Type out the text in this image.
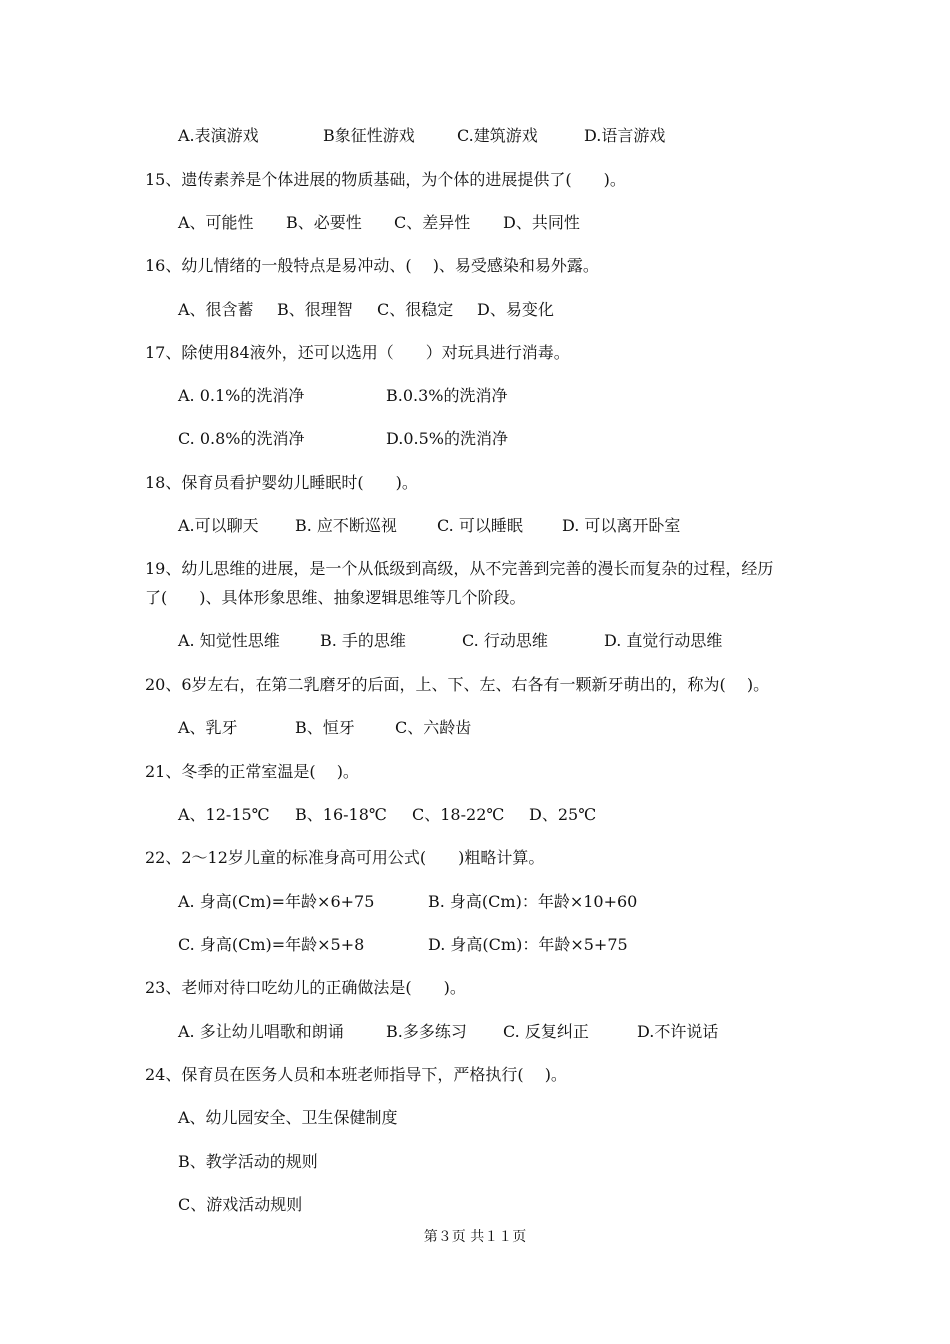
A.表演游戏	B象征性游戏	C.建筑游戏	D.语言游戏
15、遗传素养是个体进展的物质基础，为个体的进展提供了(　　)。
A、可能性 B、必要性 C、差异性 D、共同性
16、幼儿情绪的一般特点是易冲动、(　 )、易受感染和易外露。
A、很含蓄 B、很理智 C、很稳定 D、易变化
17、除使用84液外，还可以选用（　　）对玩具进行消毒。
A. 0.1%的洗消净	B.0.3%的洗消净
C. 0.8%的洗消净	D.0.5%的洗消净
18、保育员看护婴幼儿睡眠时(　　)。
A.可以聊天 B. 应不断巡视	C. 可以睡眠 D. 可以离开卧室
19、幼儿思维的进展，是一个从低级到高级，从不完善到完善的漫长而复杂的过程，经历
了(　　)、具体形象思维、抽象逻辑思维等几个阶段。
A. 知觉性思维	B. 手的思维	C. 行动思维	D. 直觉行动思维
20、6岁左右，在第二乳磨牙的后面，上、下、左、右各有一颗新牙萌出的，称为(　 )。
A、乳牙	B、恒牙	C、六龄齿
21、冬季的正常室温是(　 )。
A、12-15℃ B、16-18℃ C、18-22℃ D、25℃
22、2～12岁儿童的标准身高可用公式(　　)粗略计算。
A. 身高(Cm)=年龄×6+75	B. 身高(Cm)：年龄×10+60
C. 身高(Cm)=年龄×5+8	D. 身高(Cm)：年龄×5+75
23、老师对待口吃幼儿的正确做法是(　　)。
A. 多让幼儿唱歌和朗诵	B.多多练习 C. 反复纠正	D.不许说话
24、保育员在医务人员和本班老师指导下，严格执行(　 )。
A、幼儿园安全、卫生保健制度
B、教学活动的规则
C、游戏活动规则
第３页 共１１页
